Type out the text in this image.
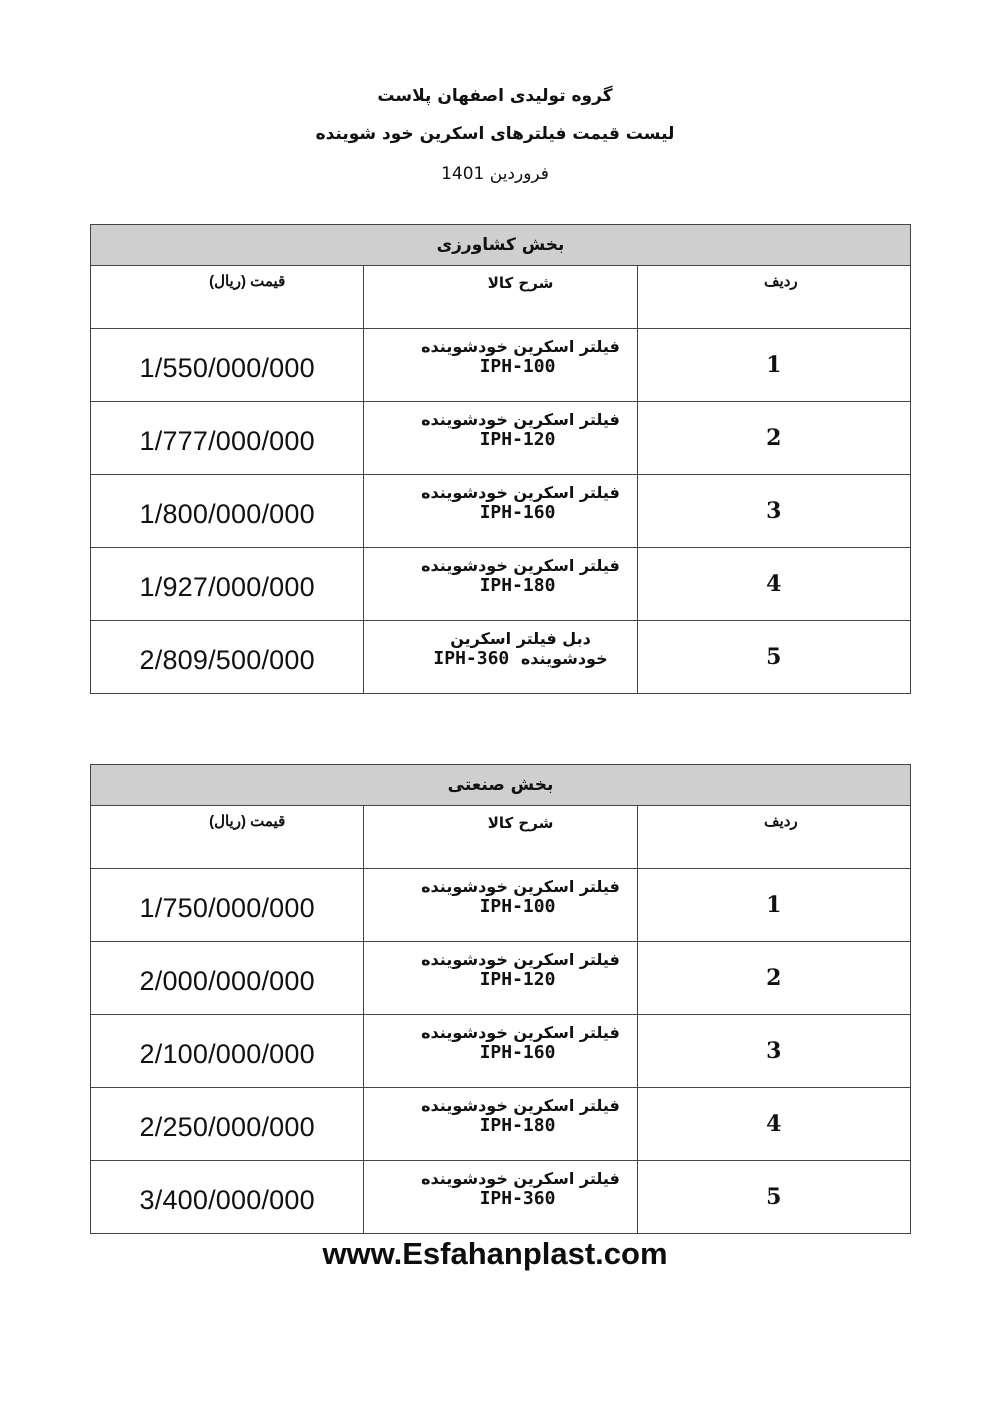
گروه تولیدی اصفهان پلاست
لیست قیمت فیلترهای اسکرین خود شوینده
فروردین 1401
بخش کشاورزی		
ردیف	شرح کالا	قیمت (ریال)
1	فیلتر اسکرین خودشوینده IPH-100	1/550/000/000
2	فیلتر اسکرین خودشوینده IPH-120	1/777/000/000
3	فیلتر اسکرین خودشوینده IPH-160	1/800/000/000
4	فیلتر اسکرین خودشوینده IPH-180	1/927/000/000
5	دبل فیلتر اسکرین خودشوینده IPH-360	2/809/500/000
بخش صنعتی		
ردیف	شرح کالا	قیمت (ریال)
1	فیلتر اسکرین خودشوینده IPH-100	1/750/000/000
2	فیلتر اسکرین خودشوینده IPH-120	2/000/000/000
3	فیلتر اسکرین خودشوینده IPH-160	2/100/000/000
4	فیلتر اسکرین خودشوینده IPH-180	2/250/000/000
5	فیلتر اسکرین خودشوینده IPH-360	3/400/000/000
www.Esfahanplast.com
